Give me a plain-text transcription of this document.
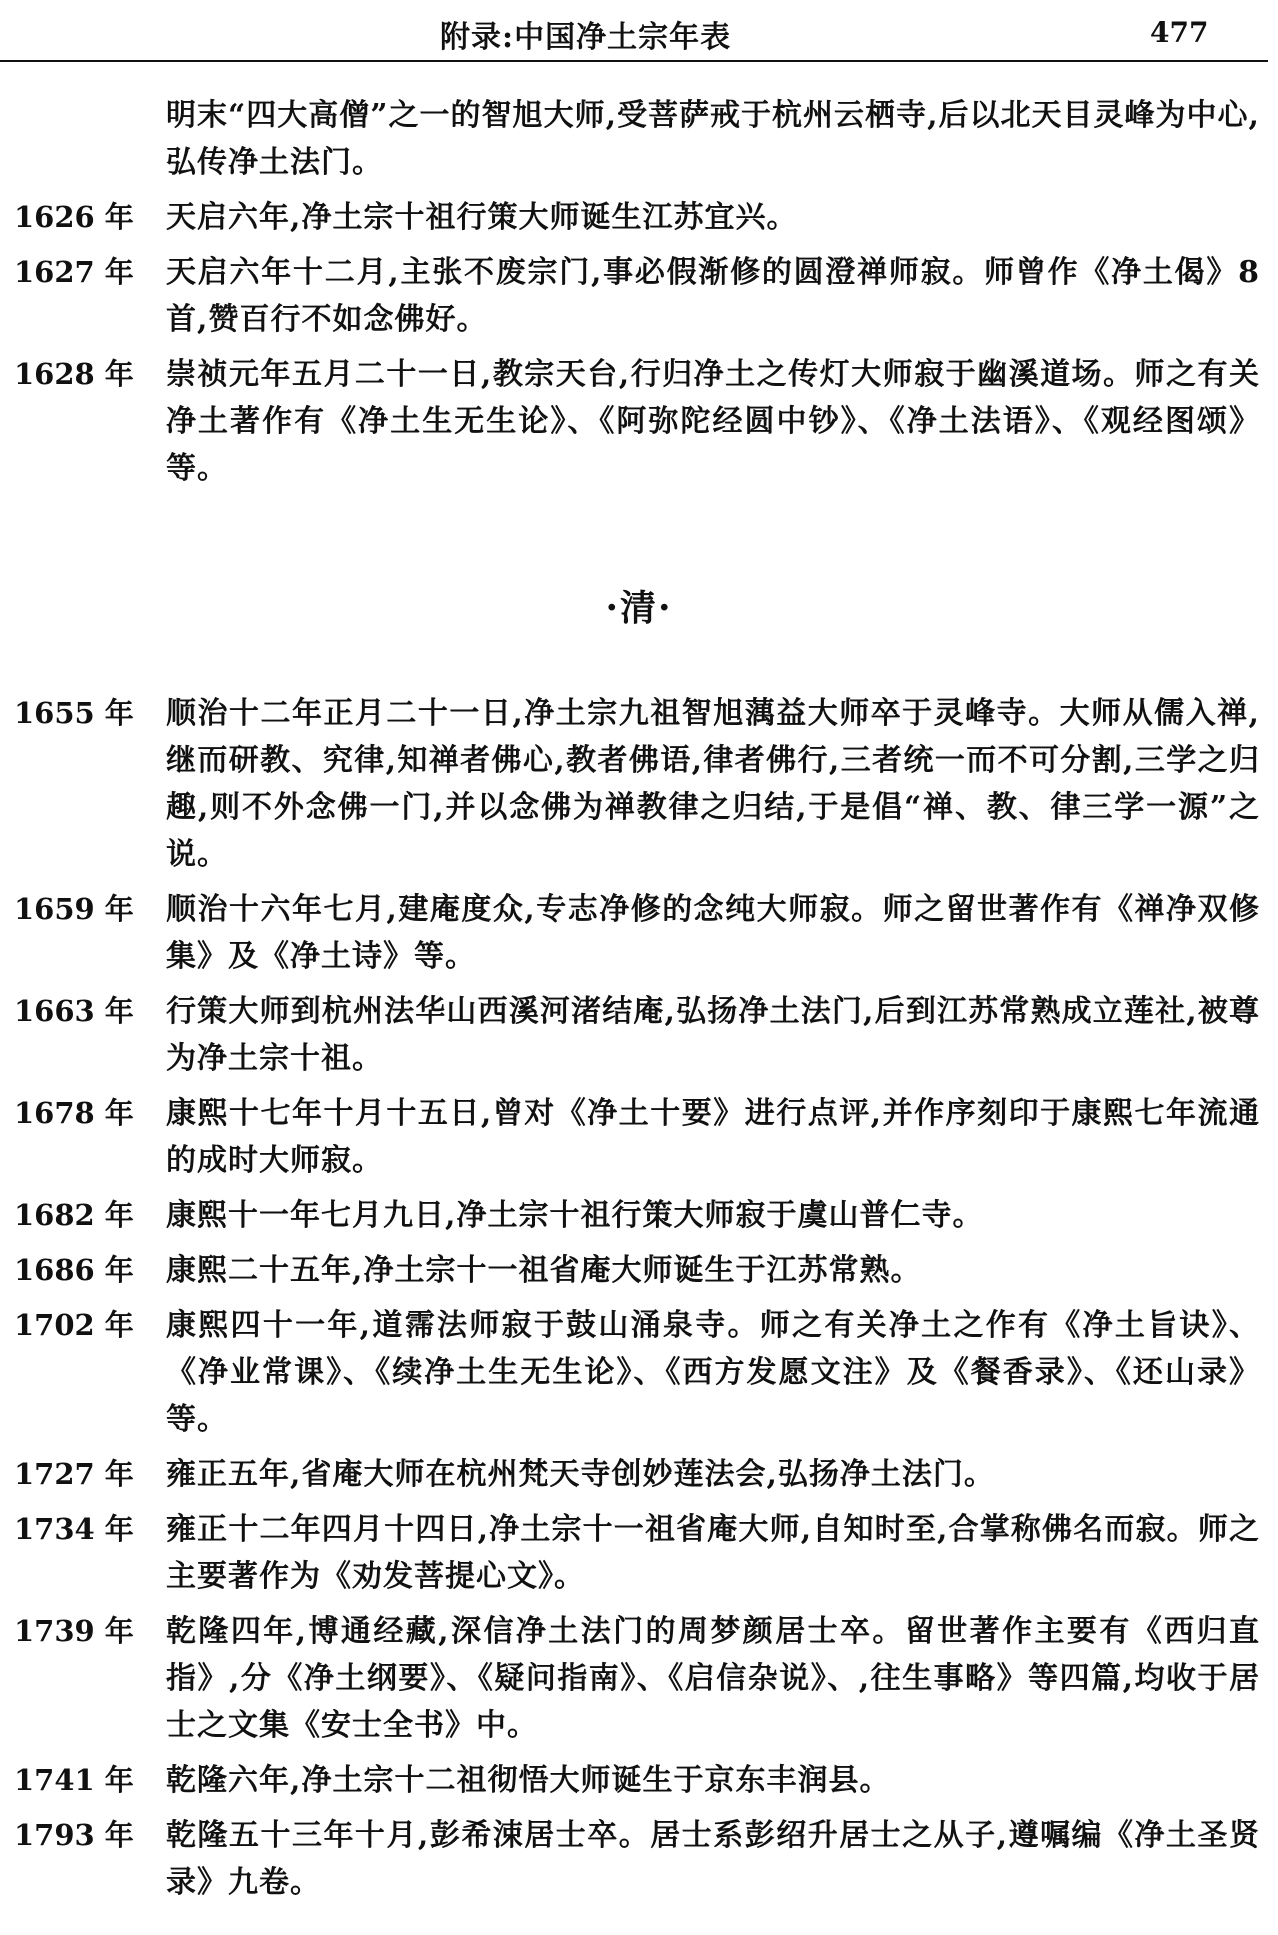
附录:中国净土宗年表	477
明末“四大高僧”之一的智旭大师,受菩萨戒于杭州云栖寺,后以北天目灵峰为中心,弘传净土法门。
1626 年	天启六年,净土宗十祖行策大师诞生江苏宜兴。
1627 年	天启六年十二月,主张不废宗门,事必假渐修的圆澄禅师寂。师曾作《净土偈》8 首,赞百行不如念佛好。
1628 年	崇祯元年五月二十一日,教宗天台,行归净土之传灯大师寂于幽溪道场。师之有关净土著作有《净土生无生论》、《阿弥陀经圆中钞》、《净土法语》、《观经图颂》等。
·清·
1655 年	顺治十二年正月二十一日,净土宗九祖智旭蕅益大师卒于灵峰寺。大师从儒入禅,继而研教、究律,知禅者佛心,教者佛语,律者佛行,三者统一而不可分割,三学之归趣,则不外念佛一门,并以念佛为禅教律之归结,于是倡“禅、教、律三学一源”之说。
1659 年	顺治十六年七月,建庵度众,专志净修的念纯大师寂。师之留世著作有《禅净双修集》及《净土诗》等。
1663 年	行策大师到杭州法华山西溪河渚结庵,弘扬净土法门,后到江苏常熟成立莲社,被尊为净土宗十祖。
1678 年	康熙十七年十月十五日,曾对《净土十要》进行点评,并作序刻印于康熙七年流通的成时大师寂。
1682 年	康熙十一年七月九日,净土宗十祖行策大师寂于虞山普仁寺。
1686 年	康熙二十五年,净土宗十一祖省庵大师诞生于江苏常熟。
1702 年	康熙四十一年,道霈法师寂于鼓山涌泉寺。师之有关净土之作有《净土旨诀》、《净业常课》、《续净土生无生论》、《西方发愿文注》及《餐香录》、《还山录》等。
1727 年	雍正五年,省庵大师在杭州梵天寺创妙莲法会,弘扬净土法门。
1734 年	雍正十二年四月十四日,净土宗十一祖省庵大师,自知时至,合掌称佛名而寂。师之主要著作为《劝发菩提心文》。
1739 年	乾隆四年,博通经藏,深信净土法门的周梦颜居士卒。留世著作主要有《西归直指》,分《净土纲要》、《疑问指南》、《启信杂说》、,往生事略》等四篇,均收于居士之文集《安士全书》中。
1741 年	乾隆六年,净土宗十二祖彻悟大师诞生于京东丰润县。
1793 年	乾隆五十三年十月,彭希涑居士卒。居士系彭绍升居士之从子,遵嘱编《净土圣贤录》九卷。
